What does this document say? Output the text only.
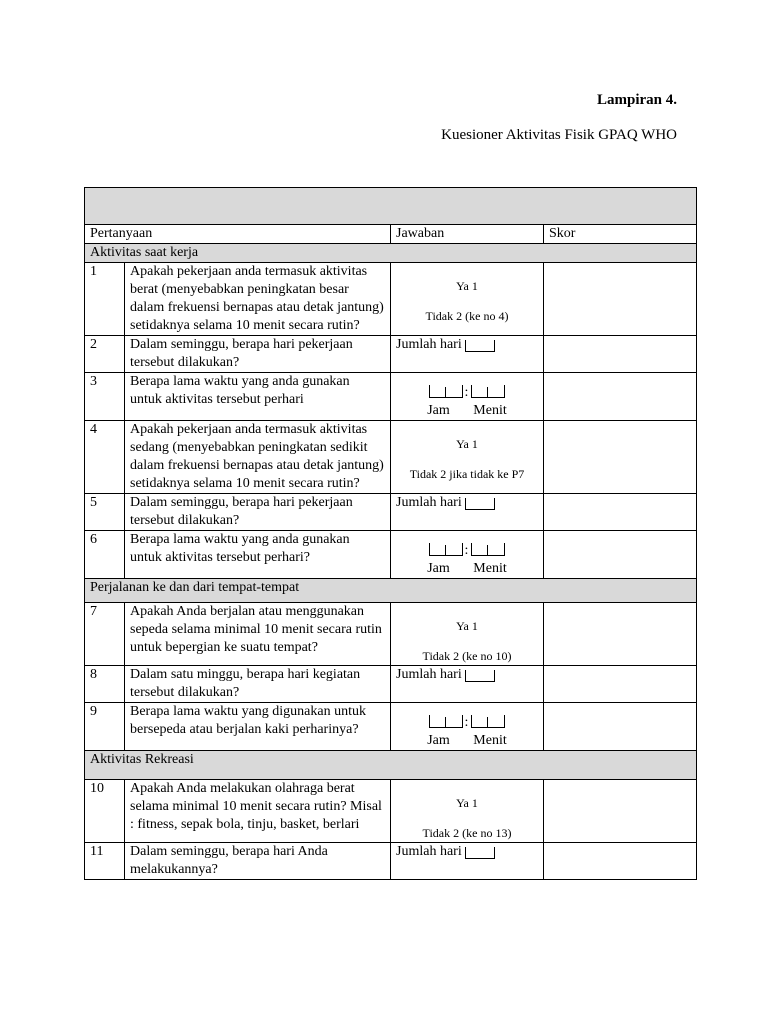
Lampiran 4.
Kuesioner Aktivitas Fisik GPAQ WHO

Pertanyaan		Jawaban	Skor
Aktivitas saat kerja			
1	Apakah pekerjaan anda termasuk aktivitas berat (menyebabkan peningkatan besar dalam frekuensi bernapas atau detak jantung) setidaknya selama 10 menit secara rutin?	Ya 1
Tidak 2 (ke no 4)	

2	Dalam seminggu, berapa hari pekerjaan tersebut dilakukan?	Jumlah hari	
3	Berapa lama waktu yang anda gunakan untuk aktivitas tersebut perhari	:
Jam Menit	

4	Apakah pekerjaan anda termasuk aktivitas sedang (menyebabkan peningkatan sedikit dalam frekuensi bernapas atau detak jantung) setidaknya selama 10 menit secara rutin?	Ya 1
Tidak 2 jika tidak ke P7	

5	Dalam seminggu, berapa hari pekerjaan tersebut dilakukan?	Jumlah hari	
6	Berapa lama waktu yang anda gunakan untuk aktivitas tersebut perhari?	:
Jam Menit	

Perjalanan ke dan dari tempat-tempat			
7	Apakah Anda berjalan atau menggunakan sepeda selama minimal 10 menit secara rutin untuk bepergian ke suatu tempat?	Ya 1
Tidak 2 (ke no 10)	

8	Dalam satu minggu, berapa hari kegiatan tersebut dilakukan?	Jumlah hari	
9	Berapa lama waktu yang digunakan untuk bersepeda atau berjalan kaki perharinya?	:
Jam Menit	

Aktivitas Rekreasi			
10	Apakah Anda melakukan olahraga berat selama minimal 10 menit secara rutin? Misal : fitness, sepak bola, tinju, basket, berlari	Ya 1
Tidak 2 (ke no 13)	

11	Dalam seminggu, berapa hari Anda melakukannya?	Jumlah hari	
